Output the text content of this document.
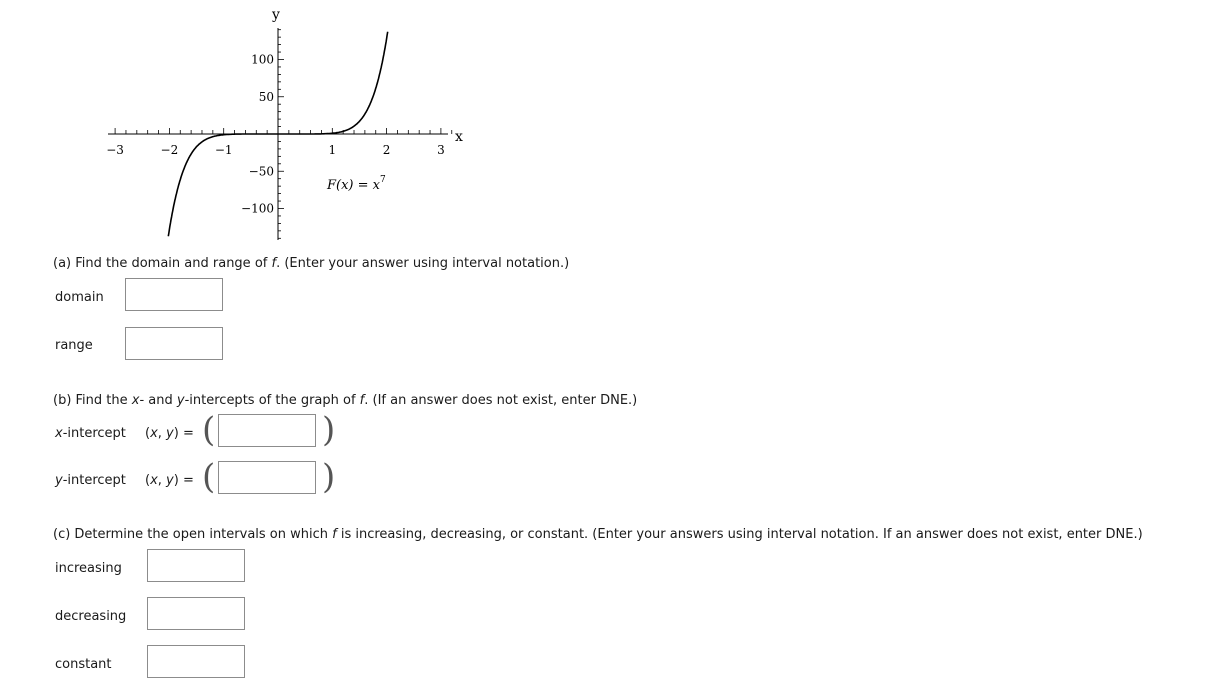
x
y
−3	−2	−1	1	2	3
100
50
−50
−100
$F(x) = x^7$
(a) Find the domain and range of f. (Enter your answer using interval notation.)
domain
range
(b) Find the x- and y-intercepts of the graph of f. (If an answer does not exist, enter DNE.)
x-intercept (x, y) = (	)
y-intercept (x, y) = (	)
(c) Determine the open intervals on which f is increasing, decreasing, or constant. (Enter your answers using interval notation. If an answer does not exist, enter DNE.)
increasing
decreasing
constant
